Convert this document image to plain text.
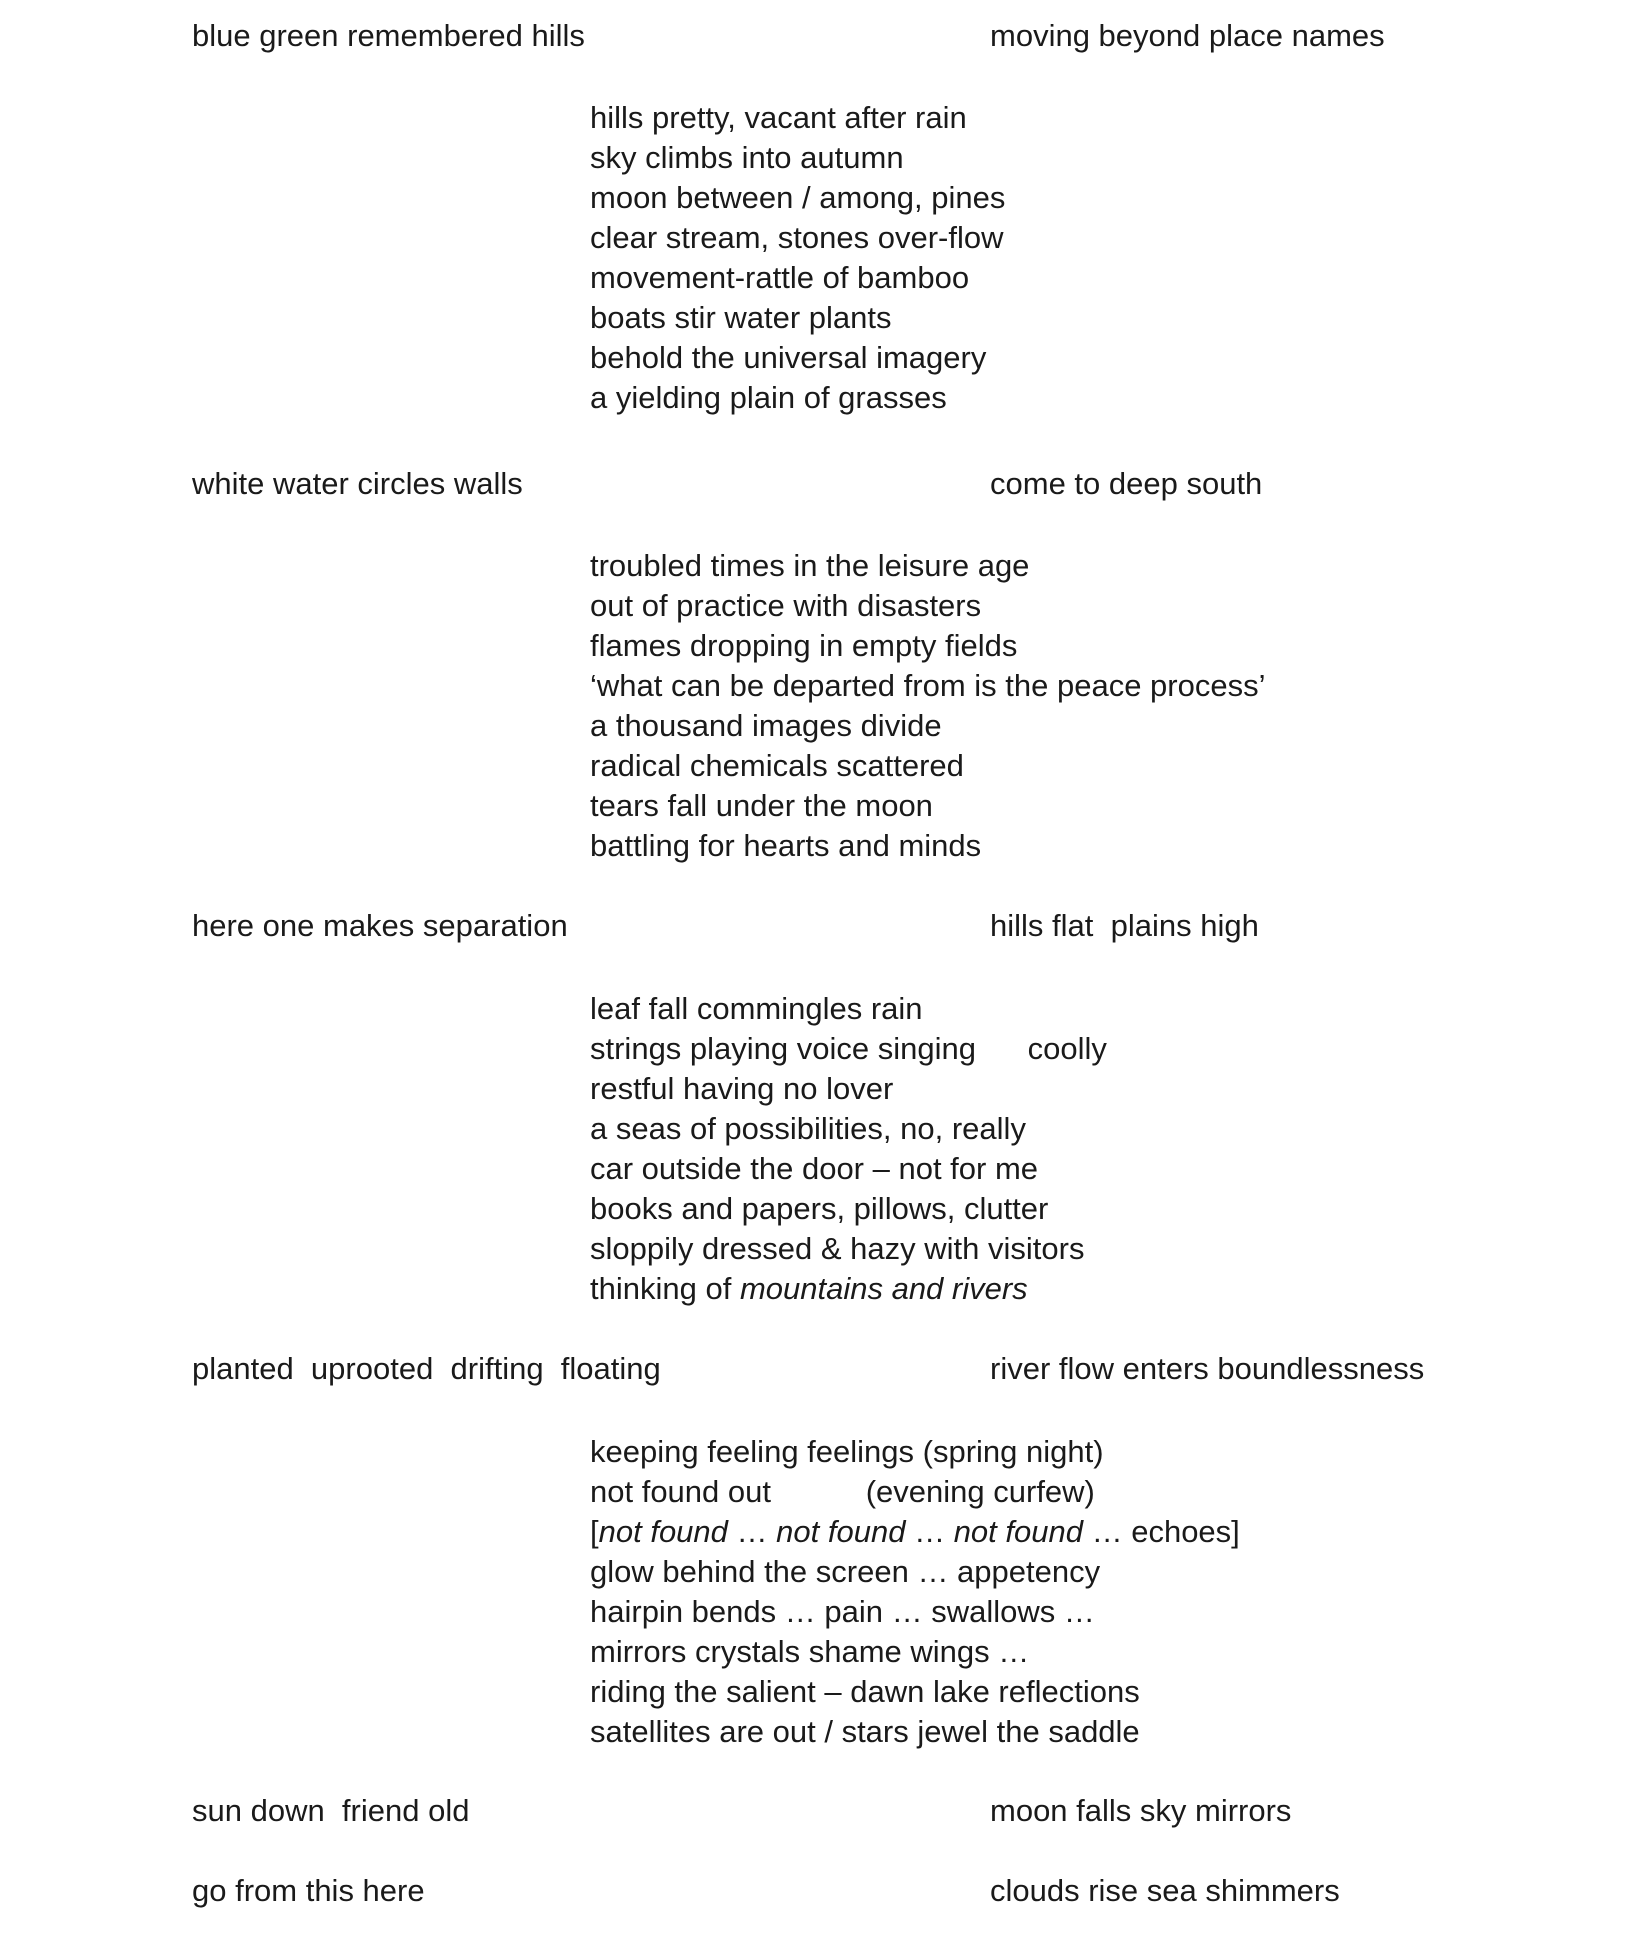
blue green remembered hills	moving beyond place names
hills pretty, vacant after rain
sky climbs into autumn
moon between / among, pines
clear stream, stones over-flow
movement-rattle of bamboo
boats stir water plants
behold the universal imagery
a yielding plain of grasses
white water circles walls	come to deep south
troubled times in the leisure age
out of practice with disasters
flames dropping in empty fields
‘what can be departed from is the peace process’
a thousand images divide
radical chemicals scattered
tears fall under the moon
battling for hearts and minds
here one makes separation	hills flat  plains high
leaf fall commingles rain
strings playing voice singing      coolly
restful having no lover
a seas of possibilities, no, really
car outside the door – not for me
books and papers, pillows, clutter
sloppily dressed & hazy with visitors
thinking of mountains and rivers
planted  uprooted  drifting  floating	river flow enters boundlessness
keeping feeling feelings (spring night)
not found out           (evening curfew)
[not found … not found … not found … echoes]
glow behind the screen … appetency
hairpin bends … pain … swallows …
mirrors crystals shame wings …
riding the salient – dawn lake reflections
satellites are out / stars jewel the saddle
sun down  friend old	moon falls sky mirrors
go from this here	clouds rise sea shimmers
